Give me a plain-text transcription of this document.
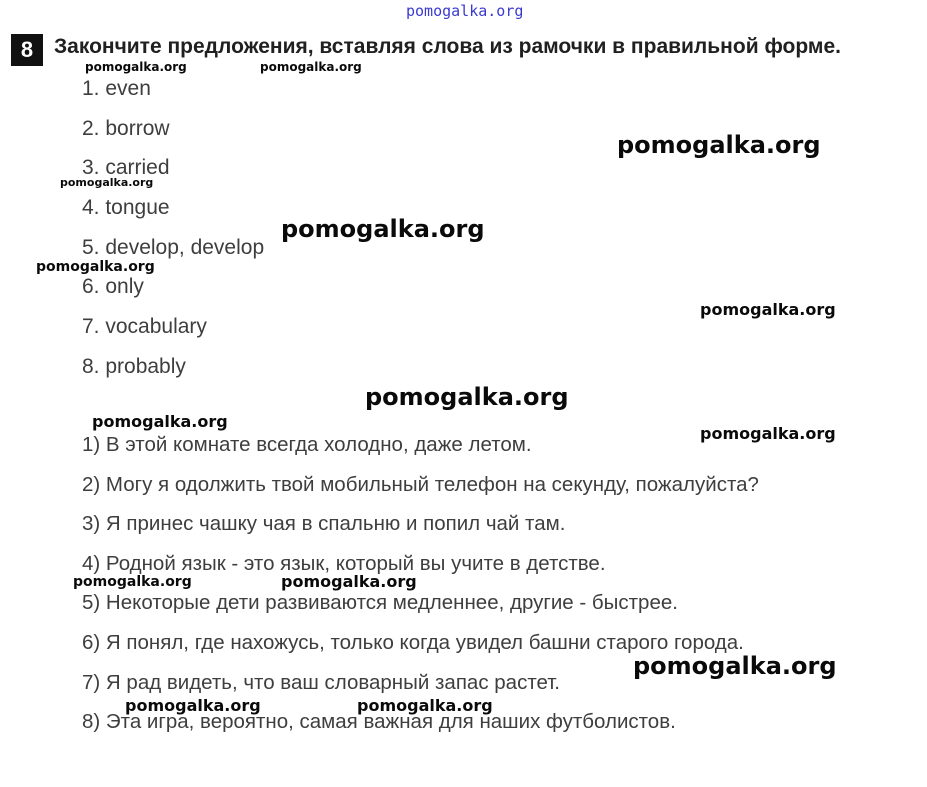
pomogalka.org
8 Закончите предложения, вставляя слова из рамочки в правильной форме.
1. even
2. borrow
3. carried
4. tongue
5. develop, develop
6. only
7. vocabulary
8. probably
1) В этой комнате всегда холодно, даже летом.
2) Могу я одолжить твой мобильный телефон на секунду, пожалуйста?
3) Я принес чашку чая в спальню и попил чай там.
4) Родной язык - это язык, который вы учите в детстве.
5) Некоторые дети развиваются медленнее, другие - быстрее.
6) Я понял, где нахожусь, только когда увидел башни старого города.
7) Я рад видеть, что ваш словарный запас растет.
8) Эта игра, вероятно, самая важная для наших футболистов.
pomogalka.org	pomogalka.org
pomogalka.org
pomogalka.org
pomogalka.org
pomogalka.org
pomogalka.org
pomogalka.org
pomogalka.org
pomogalka.org
pomogalka.org	pomogalka.org
pomogalka.org
pomogalka.org	pomogalka.org
